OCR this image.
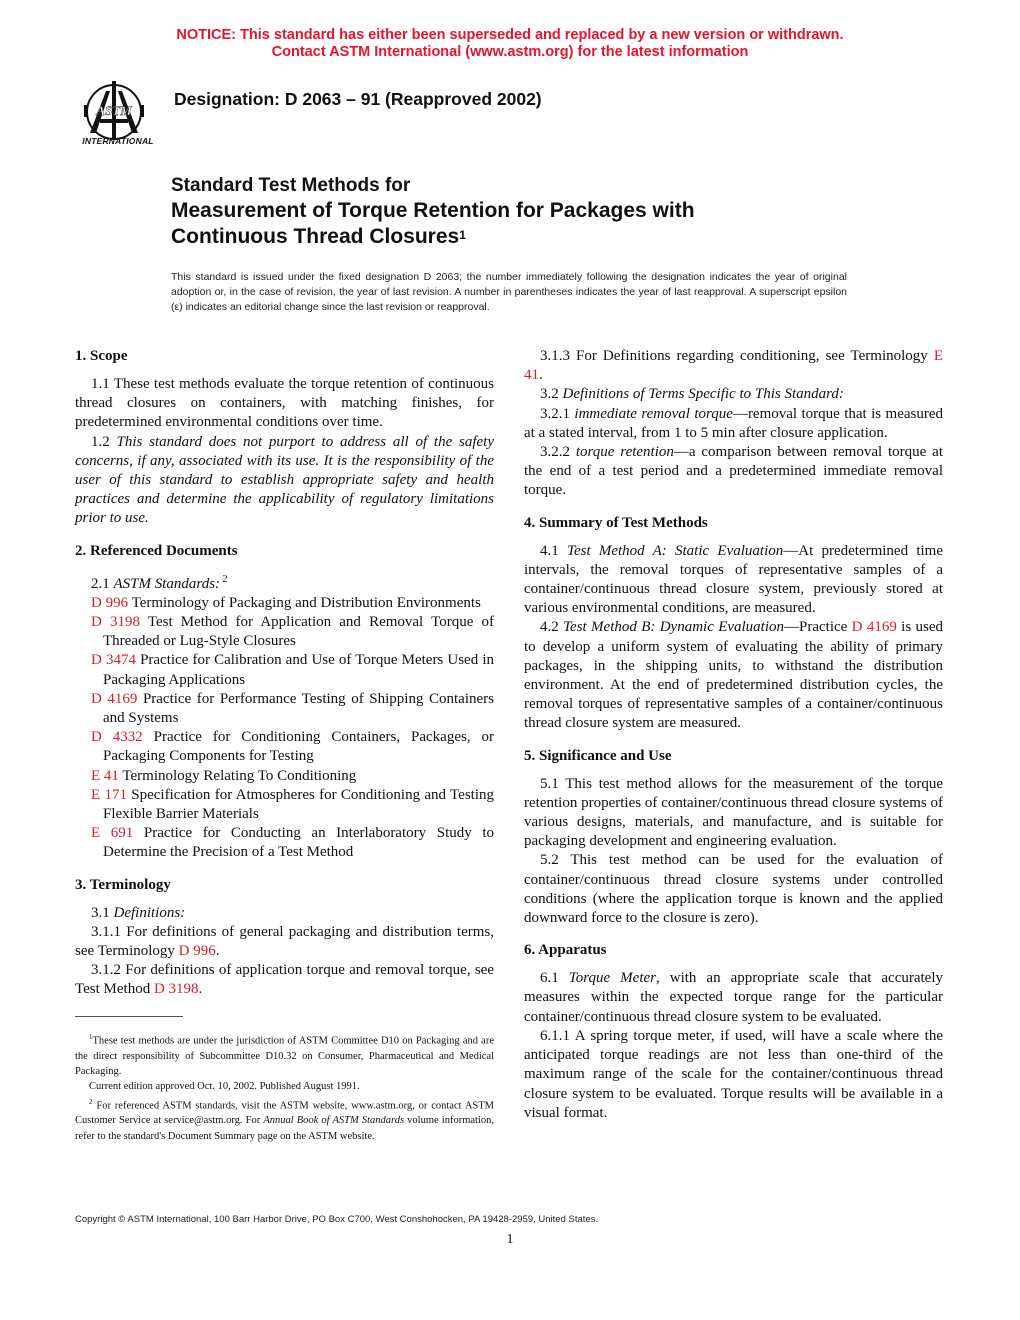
NOTICE: This standard has either been superseded and replaced by a new version or withdrawn.
Contact ASTM International (www.astm.org) for the latest information
ASTM
INTERNATIONAL
Designation: D 2063 – 91 (Reapproved 2002)
Standard Test Methods for
Measurement of Torque Retention for Packages with
Continuous Thread Closures$^1$
This standard is issued under the fixed designation D 2063; the number immediately following the designation indicates the year of original adoption or, in the case of revision, the year of last revision. A number in parentheses indicates the year of last reapproval. A superscript epsilon (ε) indicates an editorial change since the last revision or reapproval.
1. Scope

1.1 These test methods evaluate the torque retention of continuous thread closures on containers, with matching finishes, for predetermined environmental conditions over time.

1.2 This standard does not purport to address all of the safety concerns, if any, associated with its use. It is the responsibility of the user of this standard to establish appropriate safety and health practices and determine the applicability of regulatory limitations prior to use.

2. Referenced Documents

2.1 ASTM Standards: $^2$

D 996 Terminology of Packaging and Distribution Environments

D 3198 Test Method for Application and Removal Torque of Threaded or Lug-Style Closures

D 3474 Practice for Calibration and Use of Torque Meters Used in Packaging Applications

D 4169 Practice for Performance Testing of Shipping Containers and Systems

D 4332 Practice for Conditioning Containers, Packages, or Packaging Components for Testing

E 41 Terminology Relating To Conditioning

E 171 Specification for Atmospheres for Conditioning and Testing Flexible Barrier Materials

E 691 Practice for Conducting an Interlaboratory Study to Determine the Precision of a Test Method

3. Terminology

3.1 Definitions:

3.1.1 For definitions of general packaging and distribution terms, see Terminology D 996.

3.1.2 For definitions of application torque and removal torque, see Test Method D 3198.

$^1$These test methods are under the jurisdiction of ASTM Committee D10 on Packaging and are the direct responsibility of Subcommittee D10.32 on Consumer, Pharmaceutical and Medical Packaging.

Current edition approved Oct. 10, 2002. Published August 1991.

$^2$ For referenced ASTM standards, visit the ASTM website, www.astm.org, or contact ASTM Customer Service at service@astm.org. For Annual Book of ASTM Standards volume information, refer to the standard's Document Summary page on the ASTM website.

3.1.3 For Definitions regarding conditioning, see Terminology E 41.

3.2 Definitions of Terms Specific to This Standard:

3.2.1 immediate removal torque—removal torque that is measured at a stated interval, from 1 to 5 min after closure application.

3.2.2 torque retention—a comparison between removal torque at the end of a test period and a predetermined immediate removal torque.

4. Summary of Test Methods

4.1 Test Method A: Static Evaluation—At predetermined time intervals, the removal torques of representative samples of a container/continuous thread closure system, previously stored at various environmental conditions, are measured.

4.2 Test Method B: Dynamic Evaluation—Practice D 4169 is used to develop a uniform system of evaluating the ability of primary packages, in the shipping units, to withstand the distribution environment. At the end of predetermined distribution cycles, the removal torques of representative samples of a container/continuous thread closure system are measured.

5. Significance and Use

5.1 This test method allows for the measurement of the torque retention properties of container/continuous thread closure systems of various designs, materials, and manufacture, and is suitable for packaging development and engineering evaluation.

5.2 This test method can be used for the evaluation of container/continuous thread closure systems under controlled conditions (where the application torque is known and the applied downward force to the closure is zero).

6. Apparatus

6.1 Torque Meter, with an appropriate scale that accurately measures within the expected torque range for the particular container/continuous thread closure system to be evaluated.

6.1.1 A spring torque meter, if used, will have a scale where the anticipated torque readings are not less than one-third of the maximum range of the scale for the container/continuous thread closure system to be evaluated. Torque results will be available in a visual format.

Copyright © ASTM International, 100 Barr Harbor Drive, PO Box C700, West Conshohocken, PA 19428-2959, United States.
1
